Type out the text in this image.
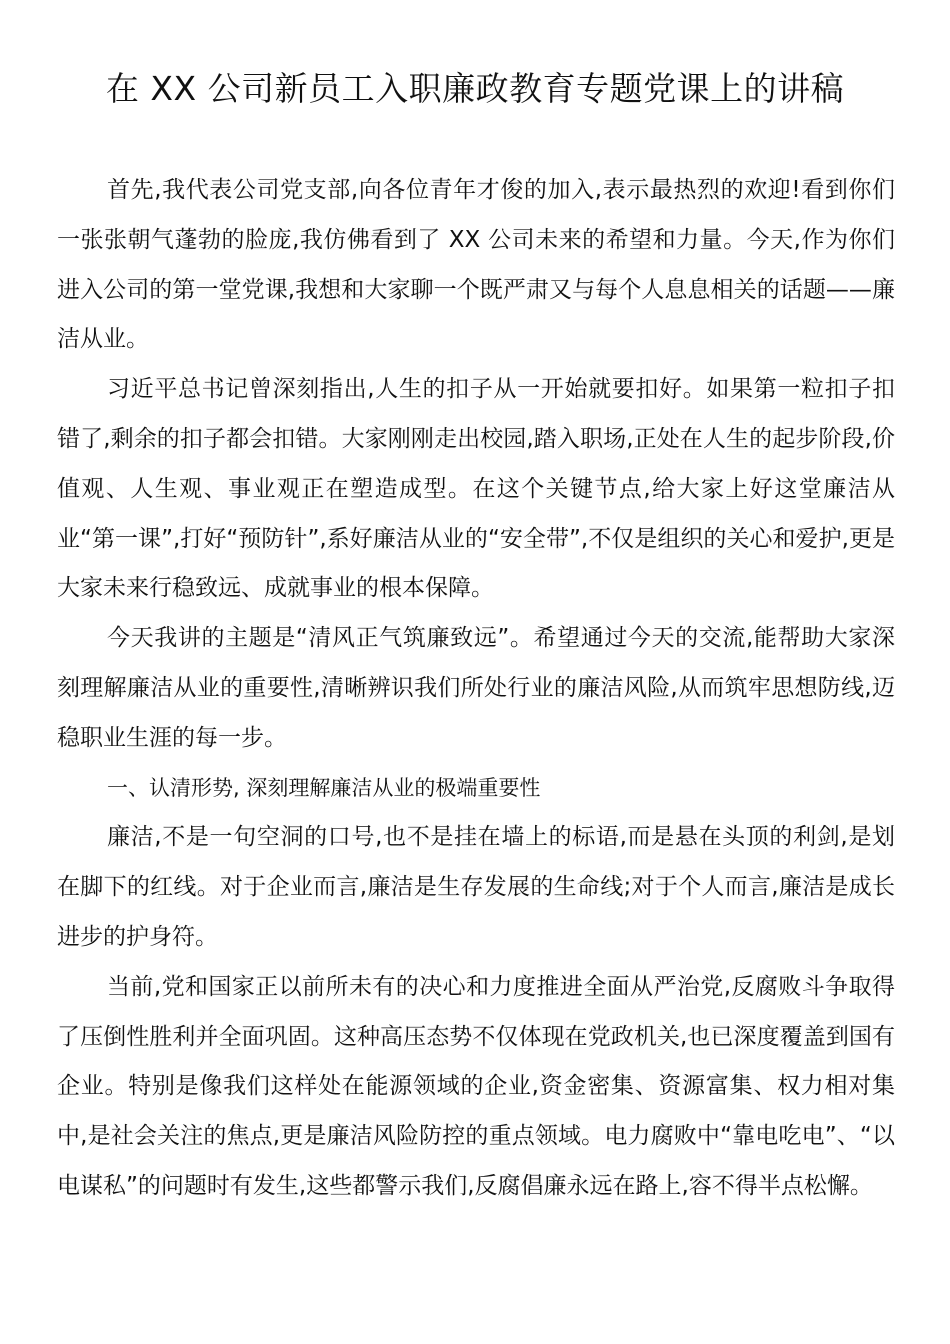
在 XX 公司新员工入职廉政教育专题党课上的讲稿

首先,我代表公司党支部,向各位青年才俊的加入,表示最热烈的欢迎!看到你们一张张朝气蓬勃的脸庞,我仿佛看到了 XX 公司未来的希望和力量。今天,作为你们进入公司的第一堂党课,我想和大家聊一个既严肃又与每个人息息相关的话题——廉洁从业。

习近平总书记曾深刻指出,人生的扣子从一开始就要扣好。如果第一粒扣子扣错了,剩余的扣子都会扣错。大家刚刚走出校园,踏入职场,正处在人生的起步阶段,价值观、人生观、事业观正在塑造成型。在这个关键节点,给大家上好这堂廉洁从业“第一课”,打好“预防针”,系好廉洁从业的“安全带”,不仅是组织的关心和爱护,更是大家未来行稳致远、成就事业的根本保障。

今天我讲的主题是“清风正气筑廉致远”。希望通过今天的交流,能帮助大家深刻理解廉洁从业的重要性,清晰辨识我们所处行业的廉洁风险,从而筑牢思想防线,迈稳职业生涯的每一步。

一、认清形势, 深刻理解廉洁从业的极端重要性

廉洁,不是一句空洞的口号,也不是挂在墙上的标语,而是悬在头顶的利剑,是划在脚下的红线。对于企业而言,廉洁是生存发展的生命线;对于个人而言,廉洁是成长进步的护身符。

当前,党和国家正以前所未有的决心和力度推进全面从严治党,反腐败斗争取得了压倒性胜利并全面巩固。这种高压态势不仅体现在党政机关,也已深度覆盖到国有企业。特别是像我们这样处在能源领域的企业,资金密集、资源富集、权力相对集中,是社会关注的焦点,更是廉洁风险防控的重点领域。电力腐败中“靠电吃电”、“以电谋私”的问题时有发生,这些都警示我们,反腐倡廉永远在路上,容不得半点松懈。
